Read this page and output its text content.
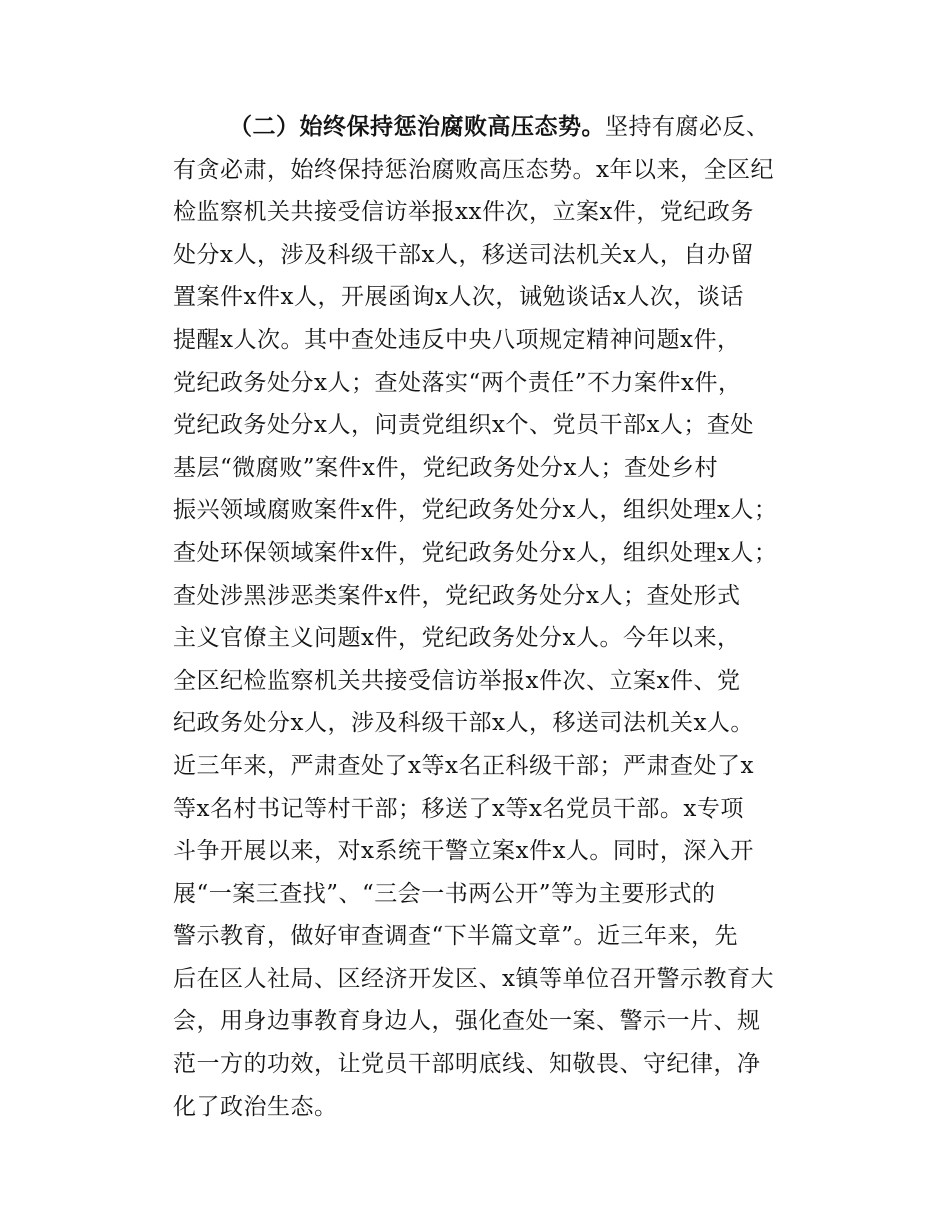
（二）始终保持惩治腐败高压态势。坚持有腐必反、
有贪必肃，始终保持惩治腐败高压态势。x年以来，全区纪
检监察机关共接受信访举报xx件次，立案x件，党纪政务
处分x人，涉及科级干部x人，移送司法机关x人，自办留
置案件x件x人，开展函询x人次，诫勉谈话x人次，谈话
提醒x人次。其中查处违反中央八项规定精神问题x件，
党纪政务处分x人；查处落实“两个责任”不力案件x件，
党纪政务处分x人，问责党组织x个、党员干部x人；查处
基层“微腐败”案件x件，党纪政务处分x人；查处乡村
振兴领域腐败案件x件，党纪政务处分x人，组织处理x人；
查处环保领域案件x件，党纪政务处分x人，组织处理x人；
查处涉黑涉恶类案件x件，党纪政务处分x人；查处形式
主义官僚主义问题x件，党纪政务处分x人。今年以来，
全区纪检监察机关共接受信访举报x件次、立案x件、党
纪政务处分x人，涉及科级干部x人，移送司法机关x人。
近三年来，严肃查处了x等x名正科级干部；严肃查处了x
等x名村书记等村干部；移送了x等x名党员干部。x专项
斗争开展以来，对x系统干警立案x件x人。同时，深入开
展“一案三查找”、“三会一书两公开”等为主要形式的
警示教育，做好审查调查“下半篇文章”。近三年来，先
后在区人社局、区经济开发区、x镇等单位召开警示教育大
会，用身边事教育身边人，强化查处一案、警示一片、规
范一方的功效，让党员干部明底线、知敬畏、守纪律，净
化了政治生态。
